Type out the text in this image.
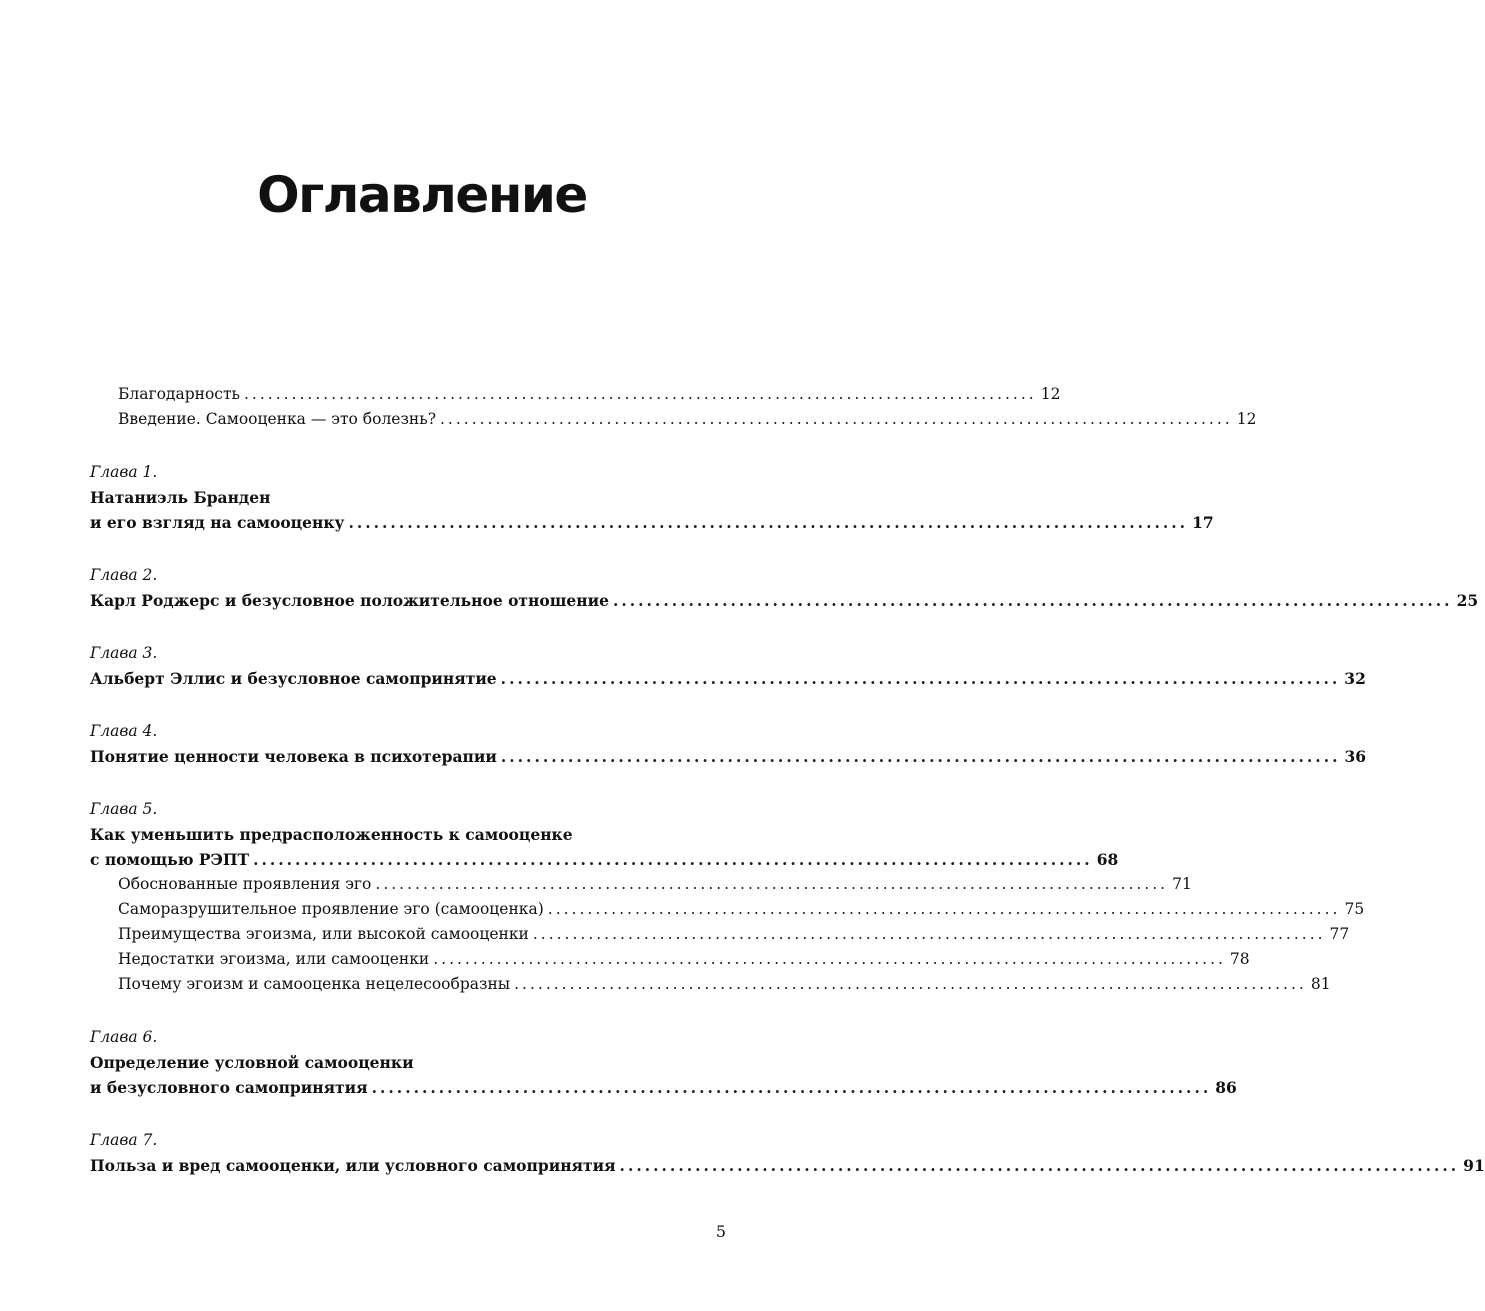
Оглавление
Благодарность .................................................................................................... 12
Введение. Самооценка — это болезнь? .................................................................................................... 12
Глава 1.
Натаниэль Бранден
и его взгляд на самооценку .................................................................................................... 17
Глава 2.
Карл Роджерс и безусловное положительное отношение .................................................................................................... 25
Глава 3.
Альберт Эллис и безусловное самопринятие .................................................................................................... 32
Глава 4.
Понятие ценности человека в психотерапии .................................................................................................... 36
Глава 5.
Как уменьшить предрасположенность к самооценке
с помощью РЭПТ .................................................................................................... 68
Обоснованные проявления эго .................................................................................................... 71
Саморазрушительное проявление эго (самооценка) .................................................................................................... 75
Преимущества эгоизма, или высокой самооценки .................................................................................................... 77
Недостатки эгоизма, или самооценки .................................................................................................... 78
Почему эгоизм и самооценка нецелесообразны .................................................................................................... 81
Глава 6.
Определение условной самооценки
и безусловного самопринятия .................................................................................................... 86
Глава 7.
Польза и вред самооценки, или условного самопринятия .................................................................................................... 91
5
